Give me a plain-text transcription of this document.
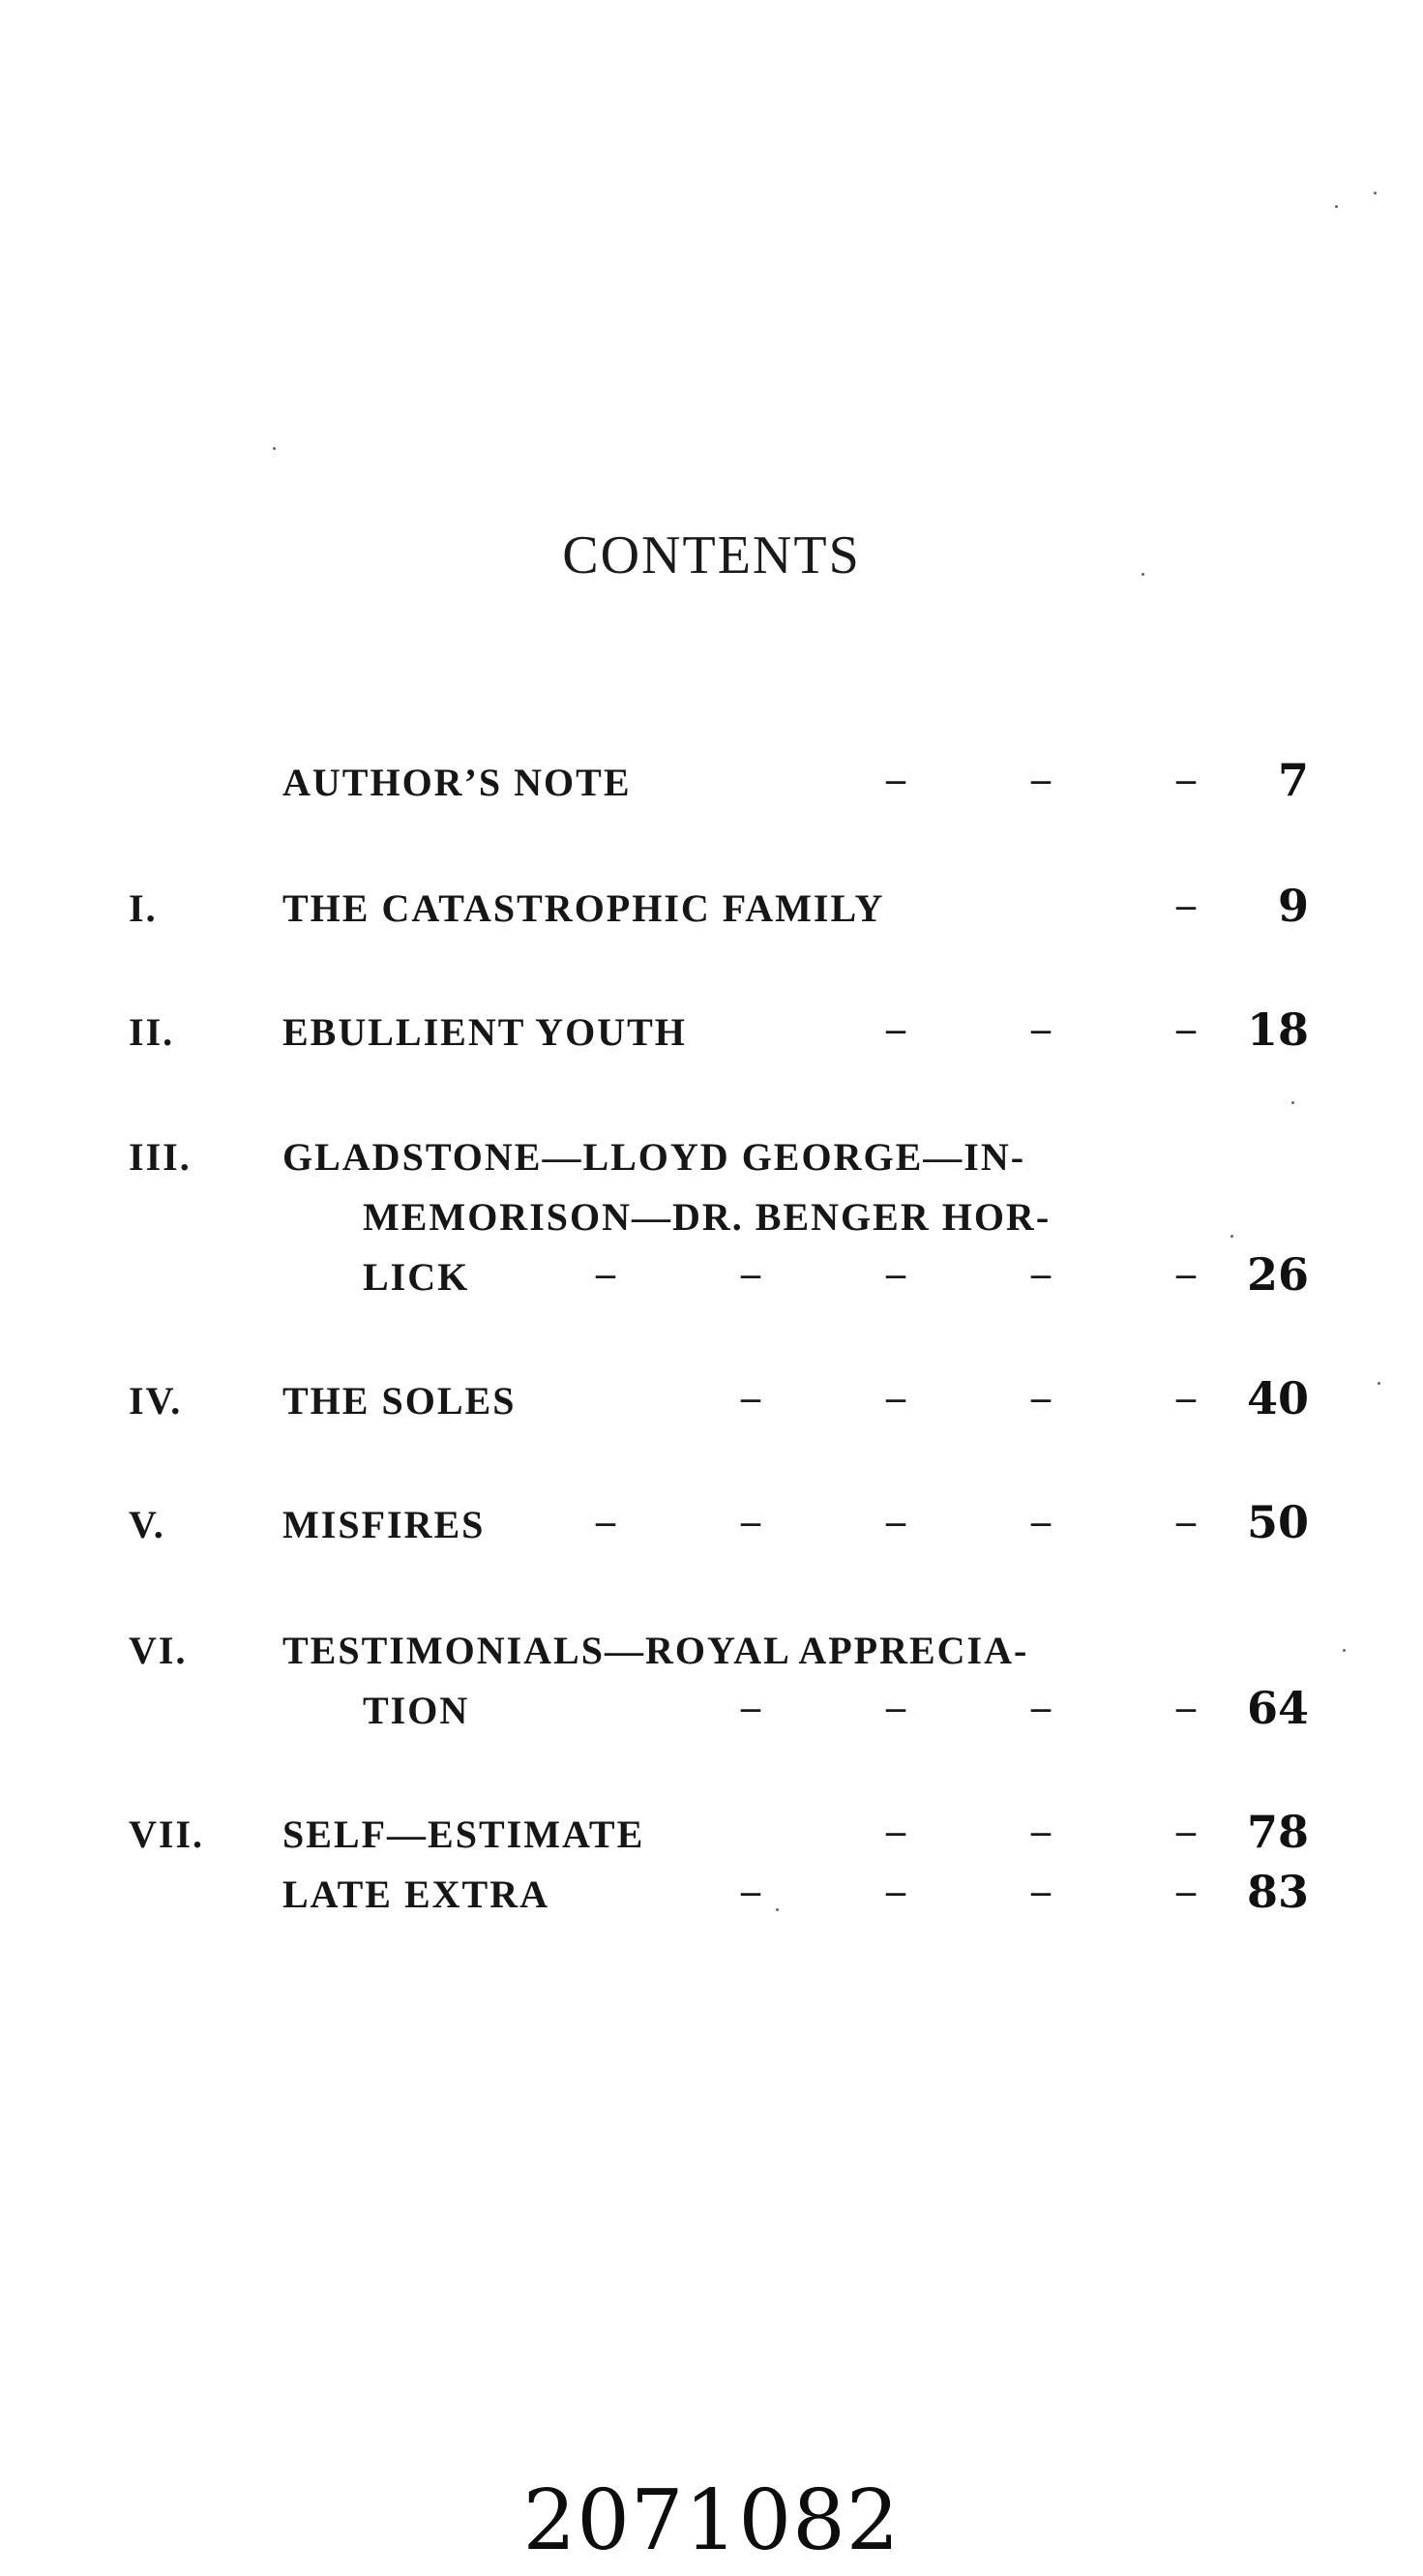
CONTENTS
AUTHOR’S NOTE	–	–	–	7
I.	THE CATASTROPHIC FAMILY	–	9
II.	EBULLIENT YOUTH	–	–	–	18
III. GLADSTONE—LLOYD GEORGE—IN-
MEMORISON—DR. BENGER HOR-
LICK	–	–	–	–	–	26
IV.	THE SOLES	–	–	–	–	40
V.	MISFIRES	–	–	–	–	–	50
VI. TESTIMONIALS—ROYAL APPRECIA-
TION	–	–	–	–	64
VII. SELF—ESTIMATE	–	–	–	78
LATE EXTRA	–	–	–	–	83
2071082
